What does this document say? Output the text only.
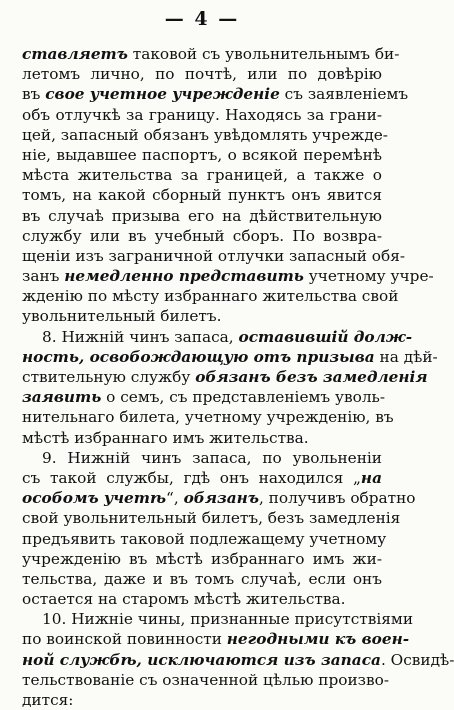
— 4 —
ставляетъ таковой съ увольнительнымъ би-
летомъ лично, по почтѣ, или по довѣрію
въ свое учетное учрежденіе съ заявленіемъ
объ отлучкѣ за границу. Находясь за грани-
цей, запасный обязанъ увѣдомлять учрежде-
ніе, выдавшее паспортъ, о всякой перемѣнѣ
мѣста жительства за границей, а также о
томъ, на какой сборный пунктъ онъ явится
въ случаѣ призыва его на дѣйствительную
службу или въ учебный сборъ. По возвра-
щеніи изъ заграничной отлучки запасный обя-
занъ немедленно представить учетному учре-
жденію по мѣсту избраннаго жительства свой
увольнительный билетъ.
8. Нижній чинъ запаса, оставившій долж-
ность, освобождающую отъ призыва на дѣй-
ствительную службу обязанъ безъ замедленія
заявить о семъ, съ представленіемъ уволь-
нительнаго билета, учетному учрежденію, въ
мѣстѣ избраннаго имъ жительства.
9. Нижній чинъ запаса, по увольненіи
съ такой службы, гдѣ онъ находился „на
особомъ учетѣ“, обязанъ, получивъ обратно
свой увольнительный билетъ, безъ замедленія
предъявить таковой подлежащему учетному
учрежденію въ мѣстѣ избраннаго имъ жи-
тельства, даже и въ томъ случаѣ, если онъ
остается на старомъ мѣстѣ жительства.
10. Нижніе чины, признанные присутствіями
по воинской повинности негодными къ воен-
ной службѣ, исключаются изъ запаса. Освидѣ-
тельствованіе съ означенной цѣлью произво-
дится:
